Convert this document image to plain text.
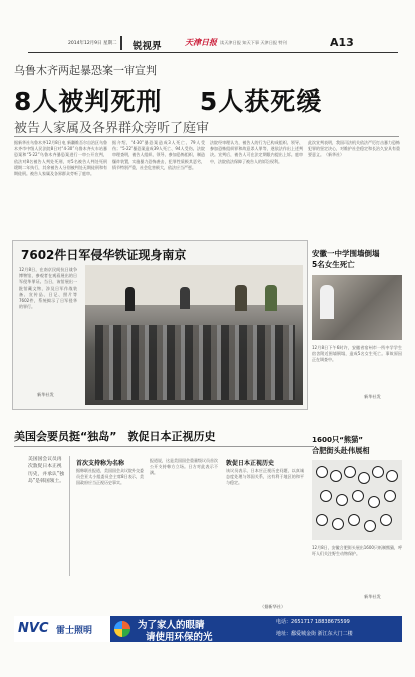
2014年12月9日 星期二 锐视界	天津日报 读天津日报 知天下事 天津日报 特刊	A13
乌鲁木齐两起暴恐案一审宣判
8人被判死刑 5人获死缓
被告人家属及各界群众旁听了庭审
据新华社乌鲁木齐12月8日电 新疆维吾尔自治区乌鲁木齐市中级人民法院8日对“4·30”乌鲁木齐火车站暴恐案和“5·22”乌鲁木齐暴恐案进行一审公开宣判，依法对8名被告人判处死刑，对5名被告人判处死刑缓期二年执行，其余被告人分别被判处无期徒刑和有期徒刑。被告人家属及各界群众旁听了庭审。
据介绍，“4·30”暴恐案造成3人死亡、79人受伤；“5·22”暴恐案造成39人死亡、94人受伤。法院审理查明，被告人组织、领导、参加恐怖组织，制造爆炸装置，实施暴力恐怖袭击，犯罪性质极其恶劣，情节特别严重，社会危害极大，依法应当严惩。
法院经审理认为，被告人的行为已构成组织、领导、参加恐怖组织罪和故意杀人罪等，遂依法作出上述判决。宣判后，被告人可在法定期限内提出上诉。庭审中，法院依法保障了被告人的诉讼权利。
此次宣判表明，我国司法机关依法严厉打击暴力恐怖犯罪的坚定决心，对维护社会稳定和长治久安具有重要意义。（新华社）
7602件日军侵华铁证现身南京
12月8日，在南京民间抗日战争博物馆，参观者在观看展出的日军侵华罪证。当日，该馆展出一批馆藏文物，涉及日军作战装备、宣传品、日记、照片等7602件，系统揭示了日军侵华的罪行。
新华社发
安徽一中学围墙倒塌
5名女生死亡
12月8日下午6时许，安徽省宿州市一所中学学生宿舍附近围墙倒塌，造成5名女生死亡。事故原因正在调查中。
新华社发
美国会要员挺“独岛”　敦促日本正视历史
美国国会议员再次敦促日本正视历史，并承认“独岛”是韩国领土。
首次支持称为名称
据韩联社报道，美国国会众议院外交委员会亚太小组委员会主席8日表示，美国政府应当正视历史事实。
报道说，这是美国国会重量级议员首次公开支持韩方立场。日方对此表示不满。
敦促日本正视历史
该议员表示，日本应正视历史问题，以真诚态度处理与邻国关系，这有利于地区的和平与稳定。
（据新华社）
1600只“熊猫”
合肥街头赴伟展相
12月8日，安徽合肥街头展出1600只纸制熊猫，呼吁人们关注野生动物保护。
新华社发
NVC 雷士照明	为了家人的眼睛
请使用环保的光
电话：2651717 18838675599
地址：鄱爱城金街 浙江东大门二楼
